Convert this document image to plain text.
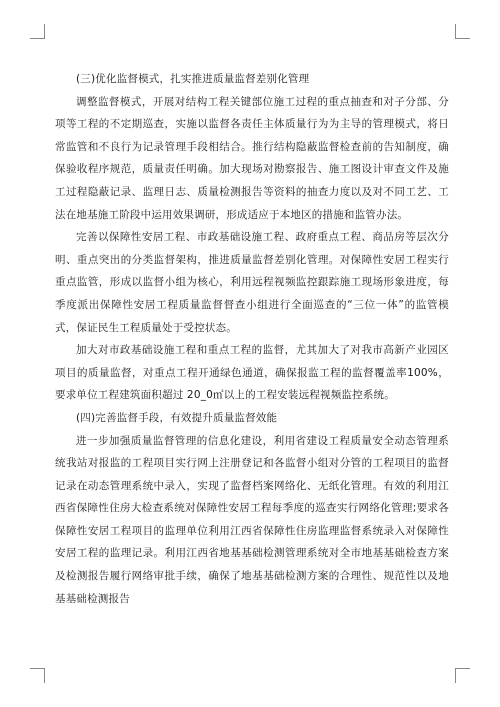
(三)优化监督模式，扎实推进质量监督差别化管理

调整监督模式，开展对结构工程关键部位施工过程的重点抽查和对子分部、分项等工程的不定期巡查，实施以监督各责任主体质量行为为主导的管理模式，将日常监管和不良行为记录管理手段相结合。推行结构隐蔽监督检查前的告知制度，确保验收程序规范，质量责任明确。加大现场对勘察报告、施工图设计审查文件及施工过程隐蔽记录、监理日志、质量检测报告等资料的抽查力度以及对不同工艺、工法在地基施工阶段中运用效果调研，形成适应于本地区的措施和监管办法。

完善以保障性安居工程、市政基础设施工程、政府重点工程、商品房等层次分明、重点突出的分类监督架构，推进质量监督差别化管理。对保障性安居工程实行重点监管，形成以监督小组为核心，利用远程视频监控跟踪施工现场形象进度，每季度派出保障性安居工程质量监督督查小组进行全面巡查的“三位一体”的监管模式，保证民生工程质量处于受控状态。

加大对市政基础设施工程和重点工程的监督，尤其加大了对我市高新产业园区项目的质量监督，对重点工程开通绿色通道，确保报监工程的监督覆盖率100%，要求单位工程建筑面积超过 20_0㎡以上的工程安装远程视频监控系统。

(四)完善监督手段，有效提升质量监督效能

进一步加强质量监督管理的信息化建设，利用省建设工程质量安全动态管理系统我站对报监的工程项目实行网上注册登记和各监督小组对分管的工程项目的监督记录在动态管理系统中录入，实现了监督档案网络化、无纸化管理。有效的利用江西省保障性住房大检查系统对保障性安居工程每季度的巡查实行网络化管理;要求各保障性安居工程项目的监理单位利用江西省保障性住房监理监督系统录入对保障性安居工程的监理记录。利用江西省地基基础检测管理系统对全市地基基础检查方案及检测报告履行网络审批手续，确保了地基基础检测方案的合理性、规范性以及地基基础检测报告
